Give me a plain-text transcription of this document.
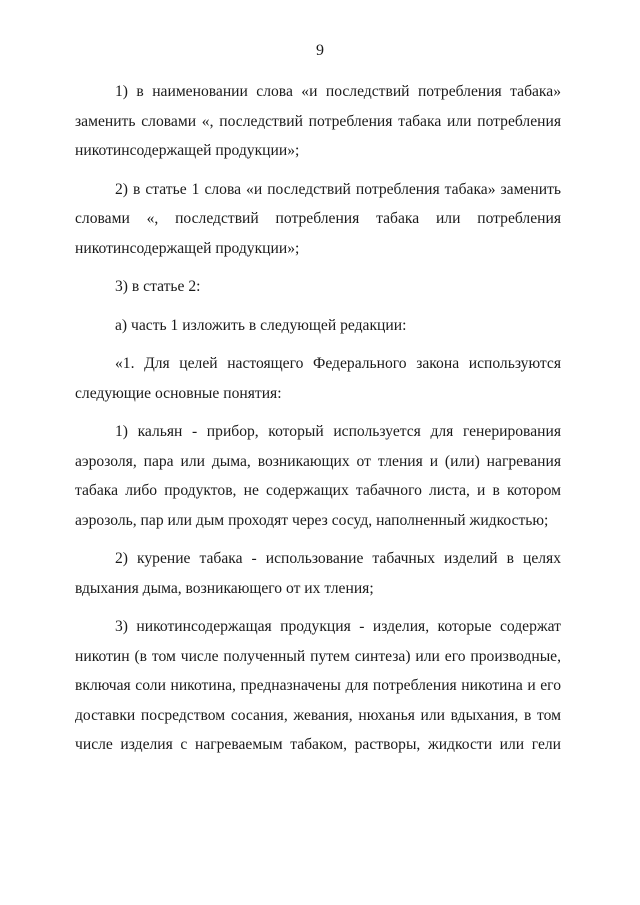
9

1) в наименовании слова «и последствий потребления табака» заменить словами «, последствий потребления табака или потребления никотинсодержащей продукции»;

2) в статье 1 слова «и последствий потребления табака» заменить словами «, последствий потребления табака или потребления никотинсодержащей продукции»;

3) в статье 2:

а) часть 1 изложить в следующей редакции:

«1. Для целей настоящего Федерального закона используются следующие основные понятия:

1) кальян - прибор, который используется для генерирования аэрозоля, пара или дыма, возникающих от тления и (или) нагревания табака либо продуктов, не содержащих табачного листа, и в котором аэрозоль, пар или дым проходят через сосуд, наполненный жидкостью;

2) курение табака - использование табачных изделий в целях вдыхания дыма, возникающего от их тления;

3) никотинсодержащая продукция - изделия, которые содержат никотин (в том числе полученный путем синтеза) или его производные, включая соли никотина, предназначены для потребления никотина и его доставки посредством сосания, жевания, нюханья или вдыхания, в том числе изделия с нагреваемым табаком, растворы, жидкости или гели
